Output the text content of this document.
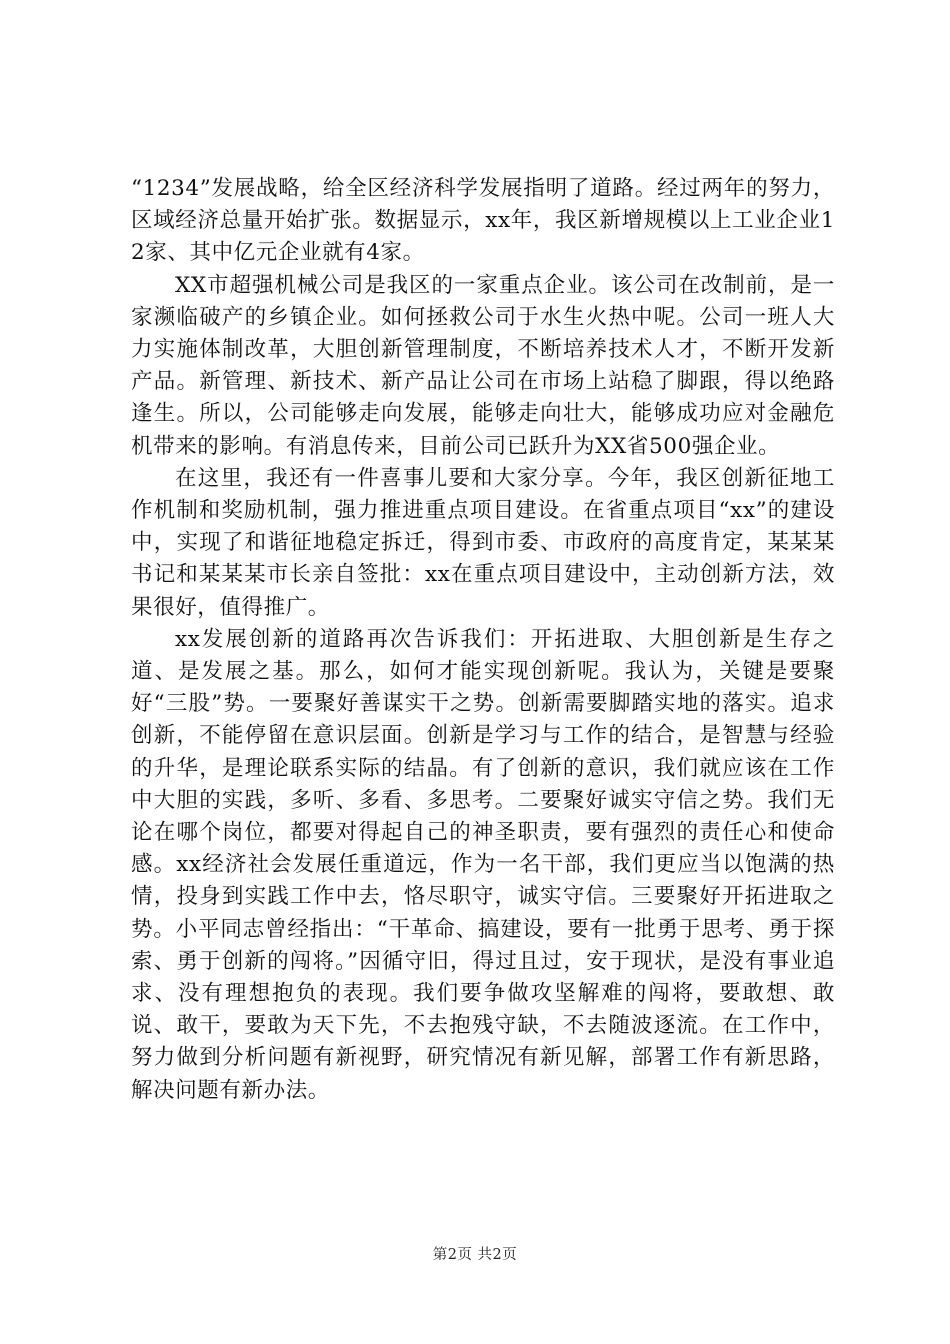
“1234”发展战略，给全区经济科学发展指明了道路。经过两年的努力，区域经济总量开始扩张。数据显示，xx年，我区新增规模以上工业企业12家、其中亿元企业就有4家。

XX市超强机械公司是我区的一家重点企业。该公司在改制前，是一家濒临破产的乡镇企业。如何拯救公司于水生火热中呢。公司一班人大力实施体制改革，大胆创新管理制度，不断培养技术人才，不断开发新产品。新管理、新技术、新产品让公司在市场上站稳了脚跟，得以绝路逢生。所以，公司能够走向发展，能够走向壮大，能够成功应对金融危机带来的影响。有消息传来，目前公司已跃升为XX省500强企业。

在这里，我还有一件喜事儿要和大家分享。今年，我区创新征地工作机制和奖励机制，强力推进重点项目建设。在省重点项目“xx”的建设中，实现了和谐征地稳定拆迁，得到市委、市政府的高度肯定，某某某书记和某某某市长亲自签批：xx在重点项目建设中，主动创新方法，效果很好，值得推广。

xx发展创新的道路再次告诉我们：开拓进取、大胆创新是生存之道、是发展之基。那么，如何才能实现创新呢。我认为，关键是要聚好“三股”势。一要聚好善谋实干之势。创新需要脚踏实地的落实。追求创新，不能停留在意识层面。创新是学习与工作的结合，是智慧与经验的升华，是理论联系实际的结晶。有了创新的意识，我们就应该在工作中大胆的实践，多听、多看、多思考。二要聚好诚实守信之势。我们无论在哪个岗位，都要对得起自己的神圣职责，要有强烈的责任心和使命感。xx经济社会发展任重道远，作为一名干部，我们更应当以饱满的热情，投身到实践工作中去，恪尽职守，诚实守信。三要聚好开拓进取之势。小平同志曾经指出：“干革命、搞建设，要有一批勇于思考、勇于探索、勇于创新的闯将。”因循守旧，得过且过，安于现状，是没有事业追求、没有理想抱负的表现。我们要争做攻坚解难的闯将，要敢想、敢说、敢干，要敢为天下先，不去抱残守缺，不去随波逐流。在工作中，努力做到分析问题有新视野，研究情况有新见解，部署工作有新思路，解决问题有新办法。

第2页 共2页
